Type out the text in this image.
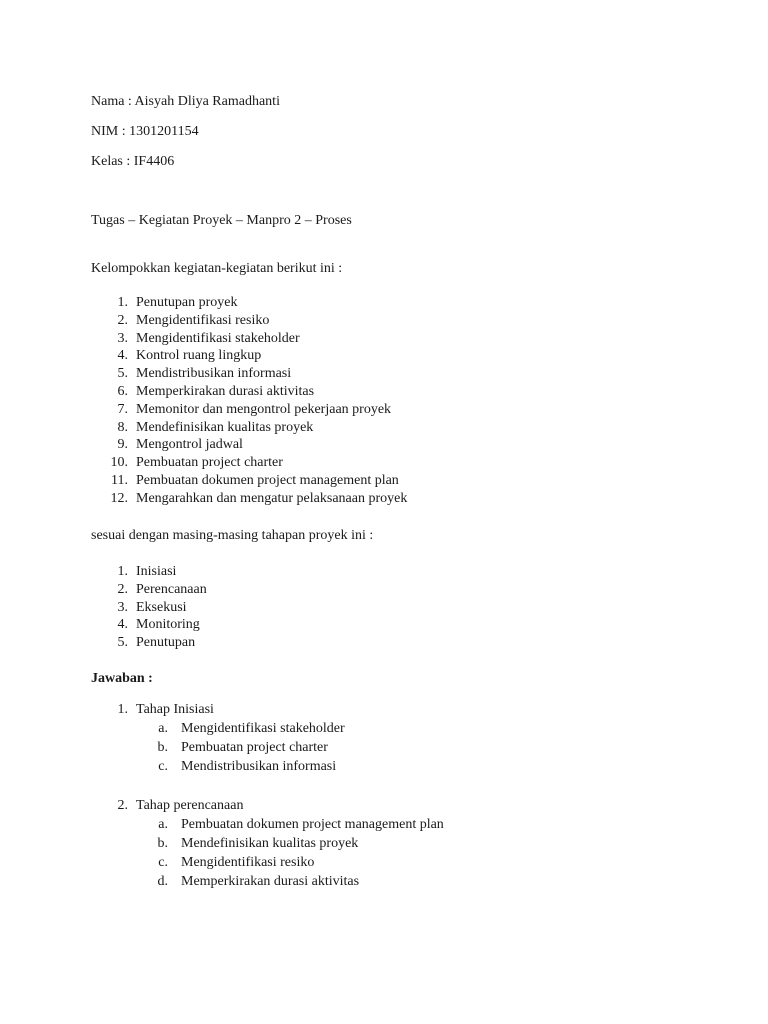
Nama : Aisyah Dliya Ramadhanti
NIM : 1301201154
Kelas : IF4406
Tugas – Kegiatan Proyek – Manpro 2 – Proses
Kelompokkan kegiatan-kegiatan berikut ini :
1. Penutupan proyek
2. Mengidentifikasi resiko
3. Mengidentifikasi stakeholder
4. Kontrol ruang lingkup
5. Mendistribusikan informasi
6. Memperkirakan durasi aktivitas
7. Memonitor dan mengontrol pekerjaan proyek
8. Mendefinisikan kualitas proyek
9. Mengontrol jadwal
10. Pembuatan project charter
11. Pembuatan dokumen project management plan
12. Mengarahkan dan mengatur pelaksanaan proyek
sesuai dengan masing-masing tahapan proyek ini :
1. Inisiasi
2. Perencanaan
3. Eksekusi
4. Monitoring
5. Penutupan
Jawaban :
1. Tahap Inisiasi
a. Mengidentifikasi stakeholder
b. Pembuatan project charter
c. Mendistribusikan informasi
2. Tahap perencanaan
a. Pembuatan dokumen project management plan
b. Mendefinisikan kualitas proyek
c. Mengidentifikasi resiko
d. Memperkirakan durasi aktivitas
